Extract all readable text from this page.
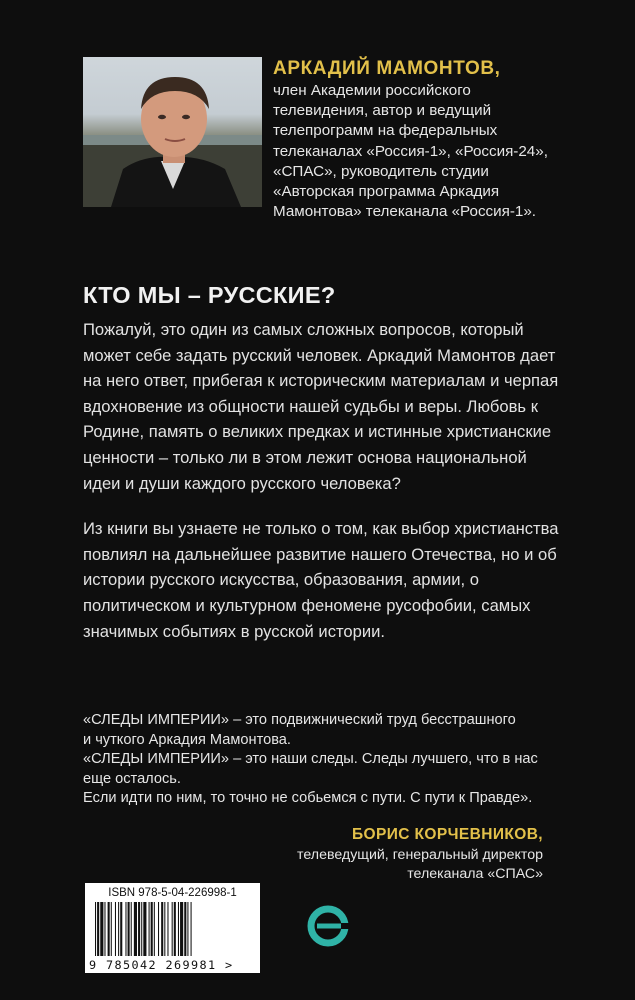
АРКАДИЙ МАМОНТОВ,
член Академии российского
телевидения, автор и ведущий
телепрограмм на федеральных
телеканалах «Россия-1», «Россия-24»,
«СПАС», руководитель студии
«Авторская программа Аркадия
Мамонтова» телеканала «Россия-1».
КТО МЫ – РУССКИЕ?

Пожалуй, это один из самых сложных вопросов, который может себе задать русский человек. Аркадий Мамонтов дает на него ответ, прибегая к историческим материалам и черпая вдохновение из общности нашей судьбы и веры. Любовь к Родине, память о великих предках и истинные христианские ценности – только ли в этом лежит основа национальной идеи и души каждого русского человека?

Из книги вы узнаете не только о том, как выбор христианства повлиял на дальнейшее развитие нашего Отечества, но и об истории русского искусства, образования, армии, о политическом и культурном феномене русофобии, самых значимых событиях в русской истории.

«СЛЕДЫ ИМПЕРИИ» – это подвижнический труд бесстрашного
и чуткого Аркадия Мамонтова.
«СЛЕДЫ ИМПЕРИИ» – это наши следы. Следы лучшего, что в нас
еще осталось.
Если идти по ним, то точно не собьемся с пути. С пути к Правде».
БОРИС КОРЧЕВНИКОВ,
телеведущий, генеральный директор
телеканала «СПАС»
ISBN 978-5-04-226998-1
9 785042 269981 >
